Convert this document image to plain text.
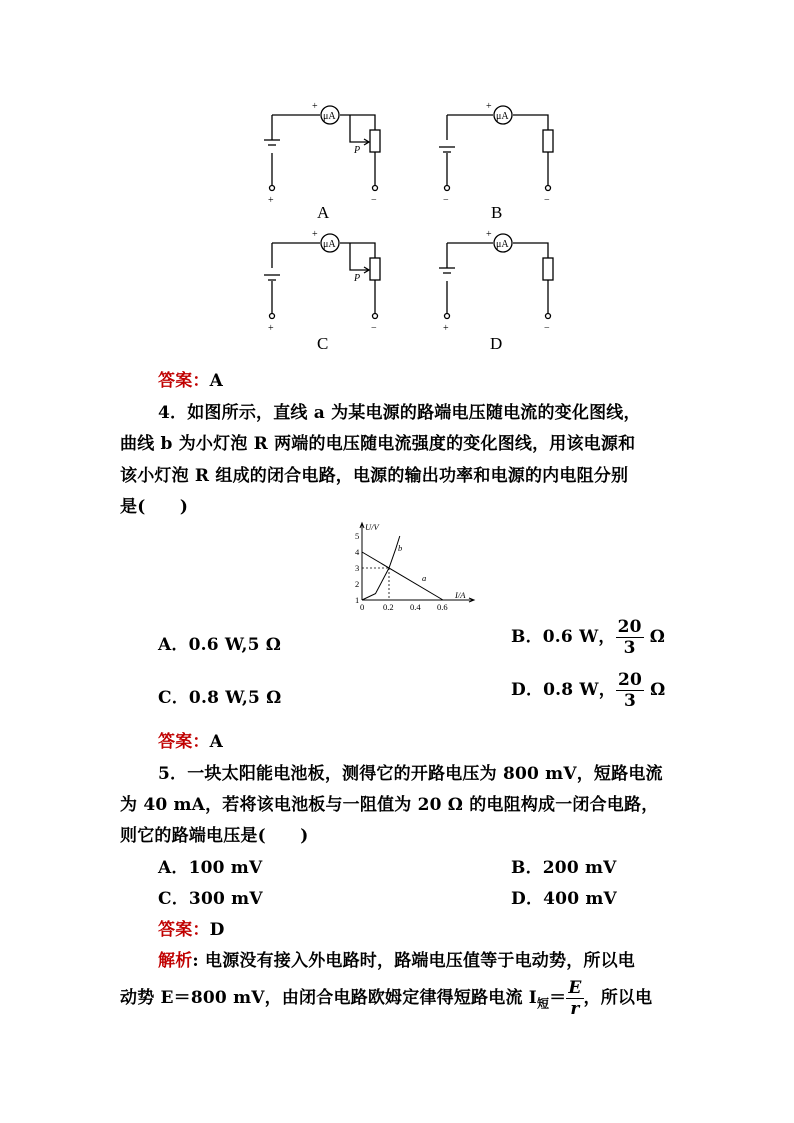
μA	μA
μA	μA
+	+
+	+
P
P
+	−	−	−
+	−	+	−
A	B
C	D
答案：A
4．如图所示，直线 a 为某电源的路端电压随电流的变化图线，
曲线 b 为小灯泡 R 两端的电压随电流强度的变化图线，用该电源和
该小灯泡 R 组成的闭合电路，电源的输出功率和电源的内电阻分别
是(　　)
U/V
I/A
1
2
3
4
5
0 0.2 0.4 0.6
a
b
A．0.6 W,5 Ω	B．0.6 W， $\frac{20}{3}$ Ω
C．0.8 W,5 Ω	D．0.8 W， $\frac{20}{3}$ Ω
答案：A
5．一块太阳能电池板，测得它的开路电压为 800 mV，短路电流
为 40 mA，若将该电池板与一阻值为 20 Ω 的电阻构成一闭合电路，
则它的路端电压是(　　)
A．100 mV	B．200 mV
C．300 mV	D．400 mV
答案：D
解析: 电源没有接入外电路时，路端电压值等于电动势，所以电
动势 E＝800 mV，由闭合电路欧姆定律得短路电流 $I_短= \frac{E}{r}$ ，所以电
